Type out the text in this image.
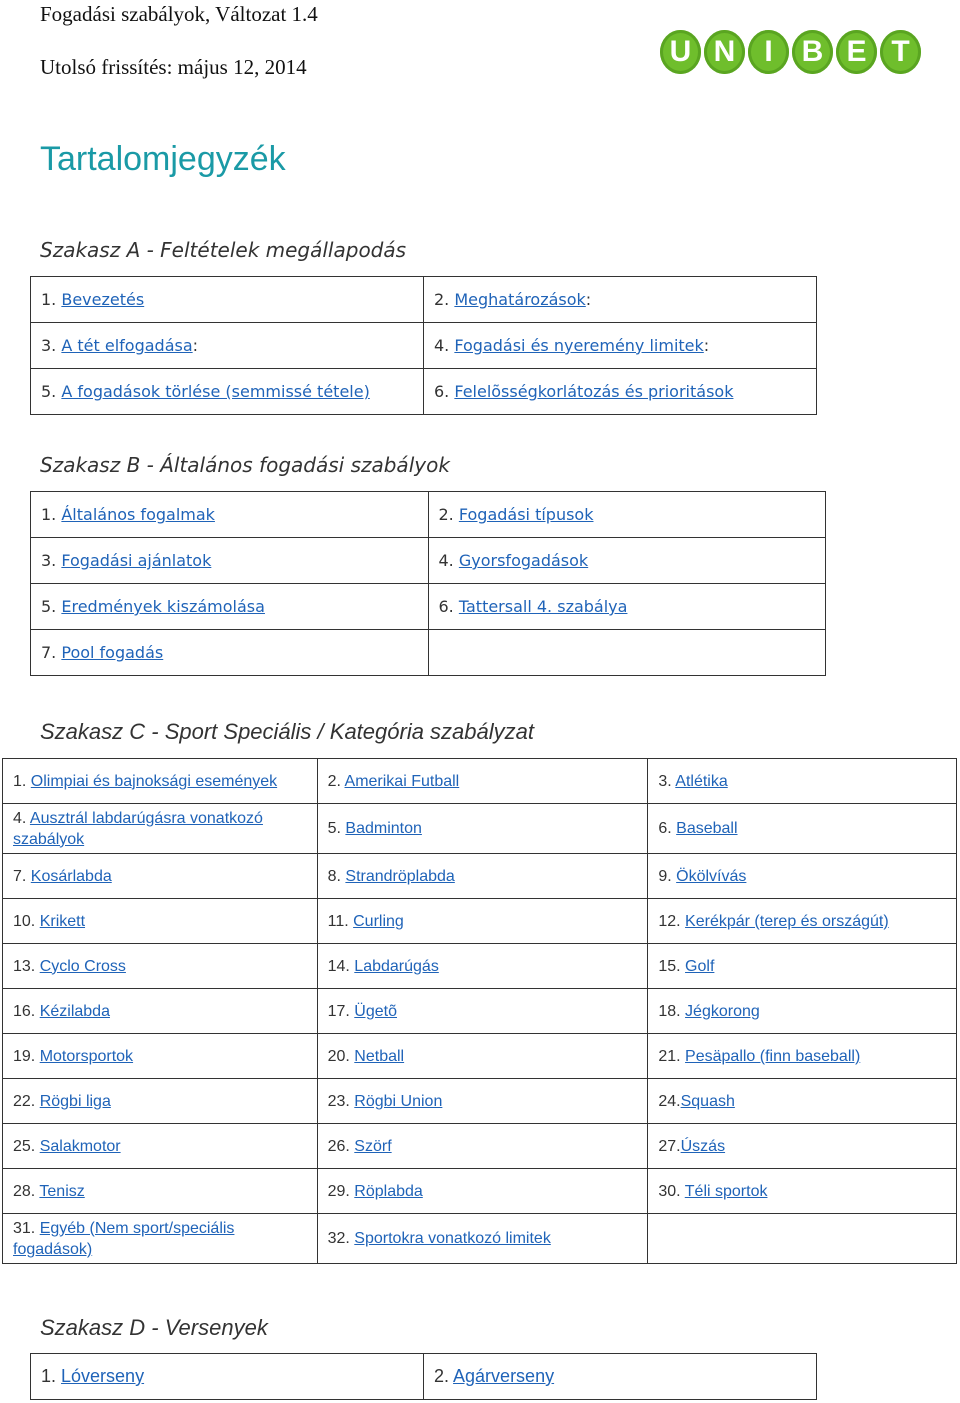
Fogadási szabályok, Változat 1.4
Utolsó frissítés: május 12, 2014	U N I B E T
Tartalomjegyzék
Szakasz A - Feltételek megállapodás
1. Bevezetés	2. Meghatározások:
3. A tét elfogadása:	4. Fogadási és nyeremény limitek:
5. A fogadások törlése (semmissé tétele)	6. Felelõsségkorlátozás és prioritások
Szakasz B - Általános fogadási szabályok
1. Általános fogalmak	2. Fogadási típusok
3. Fogadási ajánlatok	4. Gyorsfogadások
5. Eredmények kiszámolása	6. Tattersall 4. szabálya
7. Pool fogadás	
Szakasz C - Sport Speciális / Kategória szabályzat
1. Olimpiai és bajnoksági események	2. Amerikai Futball	3. Atlétika
4. Ausztrál labdarúgásra vonatkozó szabályok	5. Badminton	6. Baseball
7. Kosárlabda	8. Strandröplabda	9. Ökölvívás
10. Krikett	11. Curling	12. Kerékpár (terep és országút)
13. Cyclo Cross	14. Labdarúgás	15. Golf
16. Kézilabda	17. Ügetõ	18. Jégkorong
19. Motorsportok	20. Netball	21. Pesäpallo (finn baseball)
22. Rögbi liga	23. Rögbi Union	24.Squash
25. Salakmotor	26. Szörf	27.Úszás
28. Tenisz	29. Röplabda	30. Téli sportok
31. Egyéb (Nem sport/speciális fogadások)	32. Sportokra vonatkozó limitek	
Szakasz D - Versenyek
1. Lóverseny	2. Agárverseny
